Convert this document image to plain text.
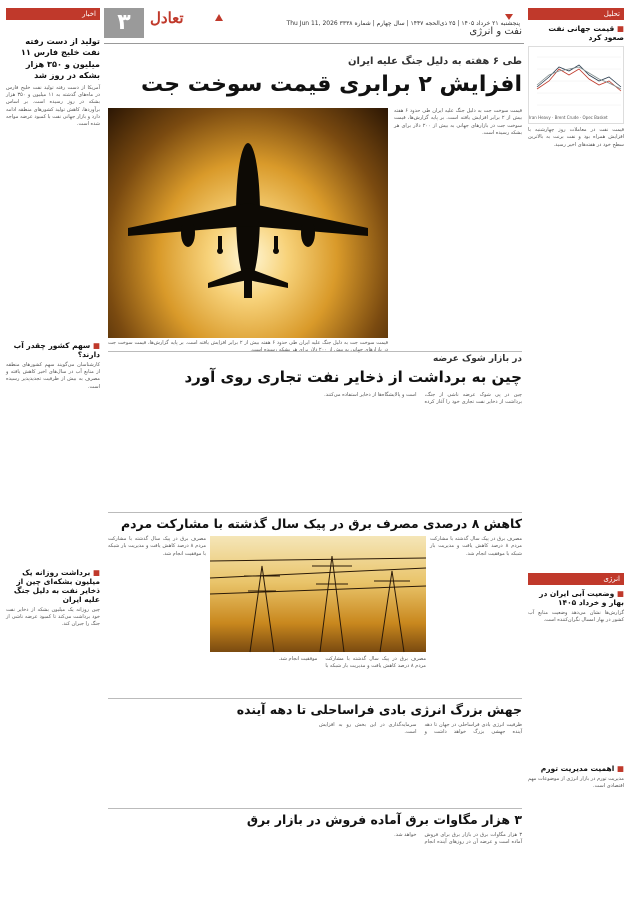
اخبار
تولید از دست رفته نفت خلیج فارس ۱۱ میلیون و ۳۵۰ هزار بشکه در روز شد
آمریکا از دست رفته تولید نفت خلیج فارس در ماه‌های گذشته به ۱۱ میلیون و ۳۵۰ هزار بشکه در روز رسیده است. بر اساس برآوردها، کاهش تولید کشورهای منطقه ادامه دارد و بازار جهانی نفت با کمبود عرضه مواجه شده است.
■ سهم کشور چقدر آب دارند؟
کارشناسان می‌گویند سهم کشورهای منطقه از منابع آب در سال‌های اخیر کاهش یافته و مصرف به بیش از ظرفیت تجدیدپذیر رسیده است.
■ برداشت روزانه یک میلیون بشکه‌ای چین از ذخایر نفت به دلیل جنگ علیه ایران
چین روزانه یک میلیون بشکه از ذخایر نفت خود برداشت می‌کند تا کمبود عرضه ناشی از جنگ را جبران کند.
۳	تعادل	پنجشنبه ۲۱ خرداد ۱۴۰۵ | ۲۵ ذی‌الحجه ۱۴۴۷ | سال چهارم | شماره ۳۳۳۸ Thu Jun 11, 2026
نفت و انرژی
طی ۶ هفته به دلیل جنگ علیه ایران
افزایش ۲ برابری قیمت سوخت جت
قیمت سوخت جت به دلیل جنگ علیه ایران طی حدود ۶ هفته بیش از ۲ برابر افزایش یافته است. بر پایه گزارش‌ها، قیمت سوخت جت در بازارهای جهانی به بیش از ۲۰۰ دلار برای هر بشکه رسیده است.
قیمت سوخت جت به دلیل جنگ علیه ایران طی حدود ۶ هفته بیش از ۲ برابر افزایش یافته است. بر پایه گزارش‌ها، قیمت سوخت جت
در بازار شوک عرضه
چین به برداشت از ذخایر نفت تجاری روی آورد
چین در پی شوک عرضه ناشی از جنگ، برداشت از ذخایر نفت تجاری خود را آغاز کرده است و پالایشگاه‌ها از ذخایر استفاده می‌کنند.
کاهش ۸ درصدی مصرف برق در پیک سال گذشته با مشارکت مردم
مصرف برق در پیک سال گذشته با مشارکت مردم ۸ درصد کاهش یافت و مدیریت بار شبکه با موفقیت انجام شد.
مصرف برق در پیک سال گذشته با مشارکت مردم ۸ درصد کاهش یافت و مدیریت بار شبکه با موفقیت انجام شد.
مصرف برق در پیک سال گذشته با مشارکت مردم ۸ درصد کاهش یافت و مدیریت بار شبکه با موفقیت انجام شد.
جهش بزرگ انرژی بادی فراساحلی تا دهه آینده
ظرفیت انرژی بادی فراساحلی در جهان تا دهه آینده جهشی بزرگ خواهد داشت و سرمایه‌گذاری در این بخش رو به افزایش است.
۳ هزار مگاوات برق آماده فروش در بازار برق
۳ هزار مگاوات برق در بازار برق برای فروش آماده است و عرضه آن در روزهای آینده انجام خواهد شد.
تحلیل
■ قیمت جهانی نفت صعود کرد
Iran Heavy · Brent Crude · Opec Basket
قیمت نفت در معاملات روز چهارشنبه با افزایش همراه بود و نفت برنت به بالاترین سطح خود در هفته‌های اخیر رسید.
انرژی
■ وضعیت آبی ایران در بهار و خرداد ۱۴۰۵
گزارش‌ها نشان می‌دهد وضعیت منابع آب کشور در بهار امسال نگران‌کننده است.
■ اهمیت مدیریت تورم
مدیریت تورم در بازار انرژی از موضوعات مهم اقتصادی است.
